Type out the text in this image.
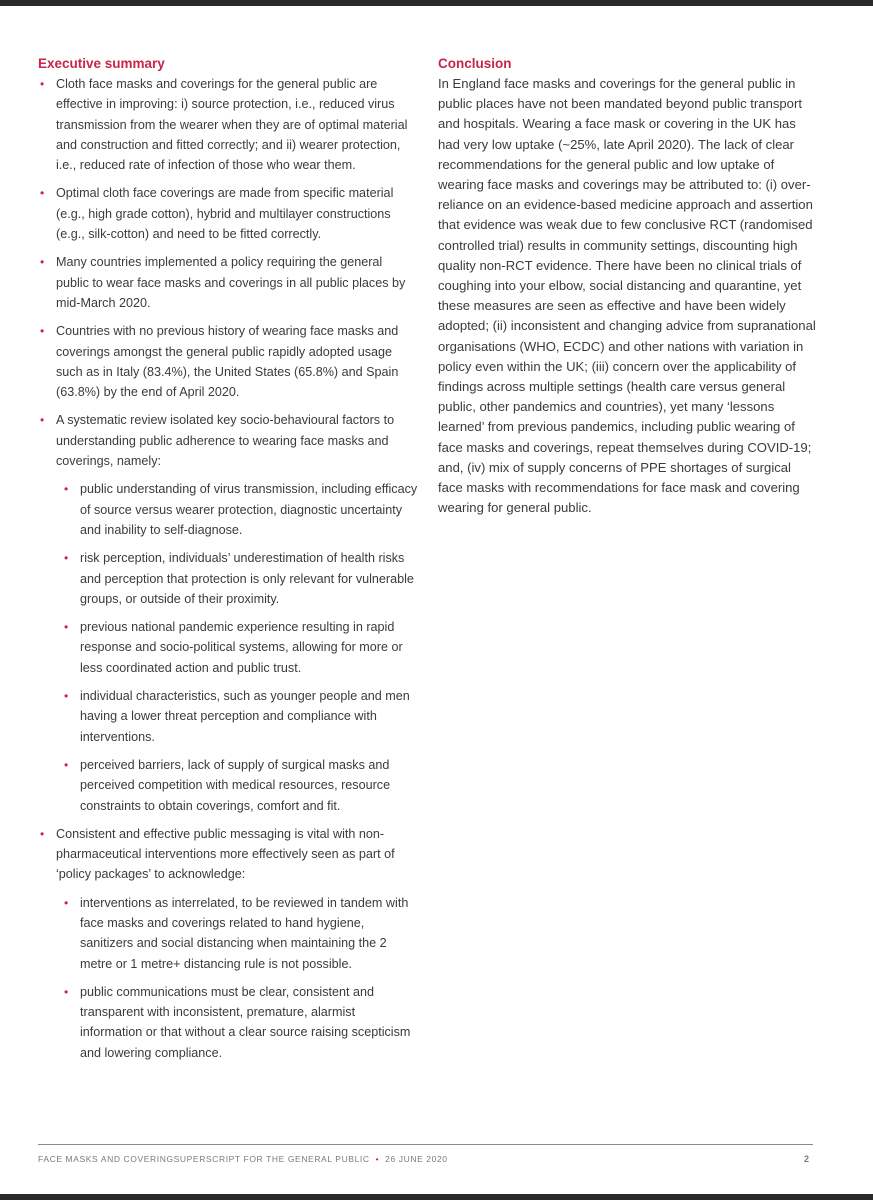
Executive summary
• Cloth face masks and coverings for the general public are effective in improving: i) source protection, i.e., reduced virus transmission from the wearer when they are of optimal material and construction and fitted correctly; and ii) wearer protection, i.e., reduced rate of infection of those who wear them.
• Optimal cloth face coverings are made from specific material (e.g., high grade cotton), hybrid and multilayer constructions (e.g., silk-cotton) and need to be fitted correctly.
• Many countries implemented a policy requiring the general public to wear face masks and coverings in all public places by mid-March 2020.
• Countries with no previous history of wearing face masks and coverings amongst the general public rapidly adopted usage such as in Italy (83.4%), the United States (65.8%) and Spain (63.8%) by the end of April 2020.
• A systematic review isolated key socio-behavioural factors to understanding public adherence to wearing face masks and coverings, namely:
• public understanding of virus transmission, including efficacy of source versus wearer protection, diagnostic uncertainty and inability to self-diagnose.
• risk perception, individuals’ underestimation of health risks and perception that protection is only relevant for vulnerable groups, or outside of their proximity.
• previous national pandemic experience resulting in rapid response and socio-political systems, allowing for more or less coordinated action and public trust.
• individual characteristics, such as younger people and men having a lower threat perception and compliance with interventions.
• perceived barriers, lack of supply of surgical masks and perceived competition with medical resources, resource constraints to obtain coverings, comfort and fit.
• Consistent and effective public messaging is vital with non-pharmaceutical interventions more effectively seen as part of ‘policy packages’ to acknowledge:
• interventions as interrelated, to be reviewed in tandem with face masks and coverings related to hand hygiene, sanitizers and social distancing when maintaining the 2 metre or 1 metre+ distancing rule is not possible.
• public communications must be clear, consistent and transparent with inconsistent, premature, alarmist information or that without a clear source raising scepticism and lowering compliance.
Conclusion

In England face masks and coverings for the general public in public places have not been mandated beyond public transport and hospitals. Wearing a face mask or covering in the UK has had very low uptake (~25%, late April 2020). The lack of clear recommendations for the general public and low uptake of wearing face masks and coverings may be attributed to: (i) over-reliance on an evidence-based medicine approach and assertion that evidence was weak due to few conclusive RCT (randomised controlled trial) results in community settings, discounting high quality non-RCT evidence. There have been no clinical trials of coughing into your elbow, social distancing and quarantine, yet these measures are seen as effective and have been widely adopted; (ii) inconsistent and changing advice from supranational organisations (WHO, ECDC) and other nations with variation in policy even within the UK; (iii) concern over the applicability of findings across multiple settings (health care versus general public, other pandemics and countries), yet many ‘lessons learned’ from previous pandemics, including public wearing of face masks and coverings, repeat themselves during COVID-19; and, (iv) mix of supply concerns of PPE shortages of surgical face masks with recommendations for face mask and covering wearing for general public.

FACE MASKS AND COVERINGSUPERSCRIPT FOR THE GENERAL PUBLIC • 26 JUNE 2020	2
